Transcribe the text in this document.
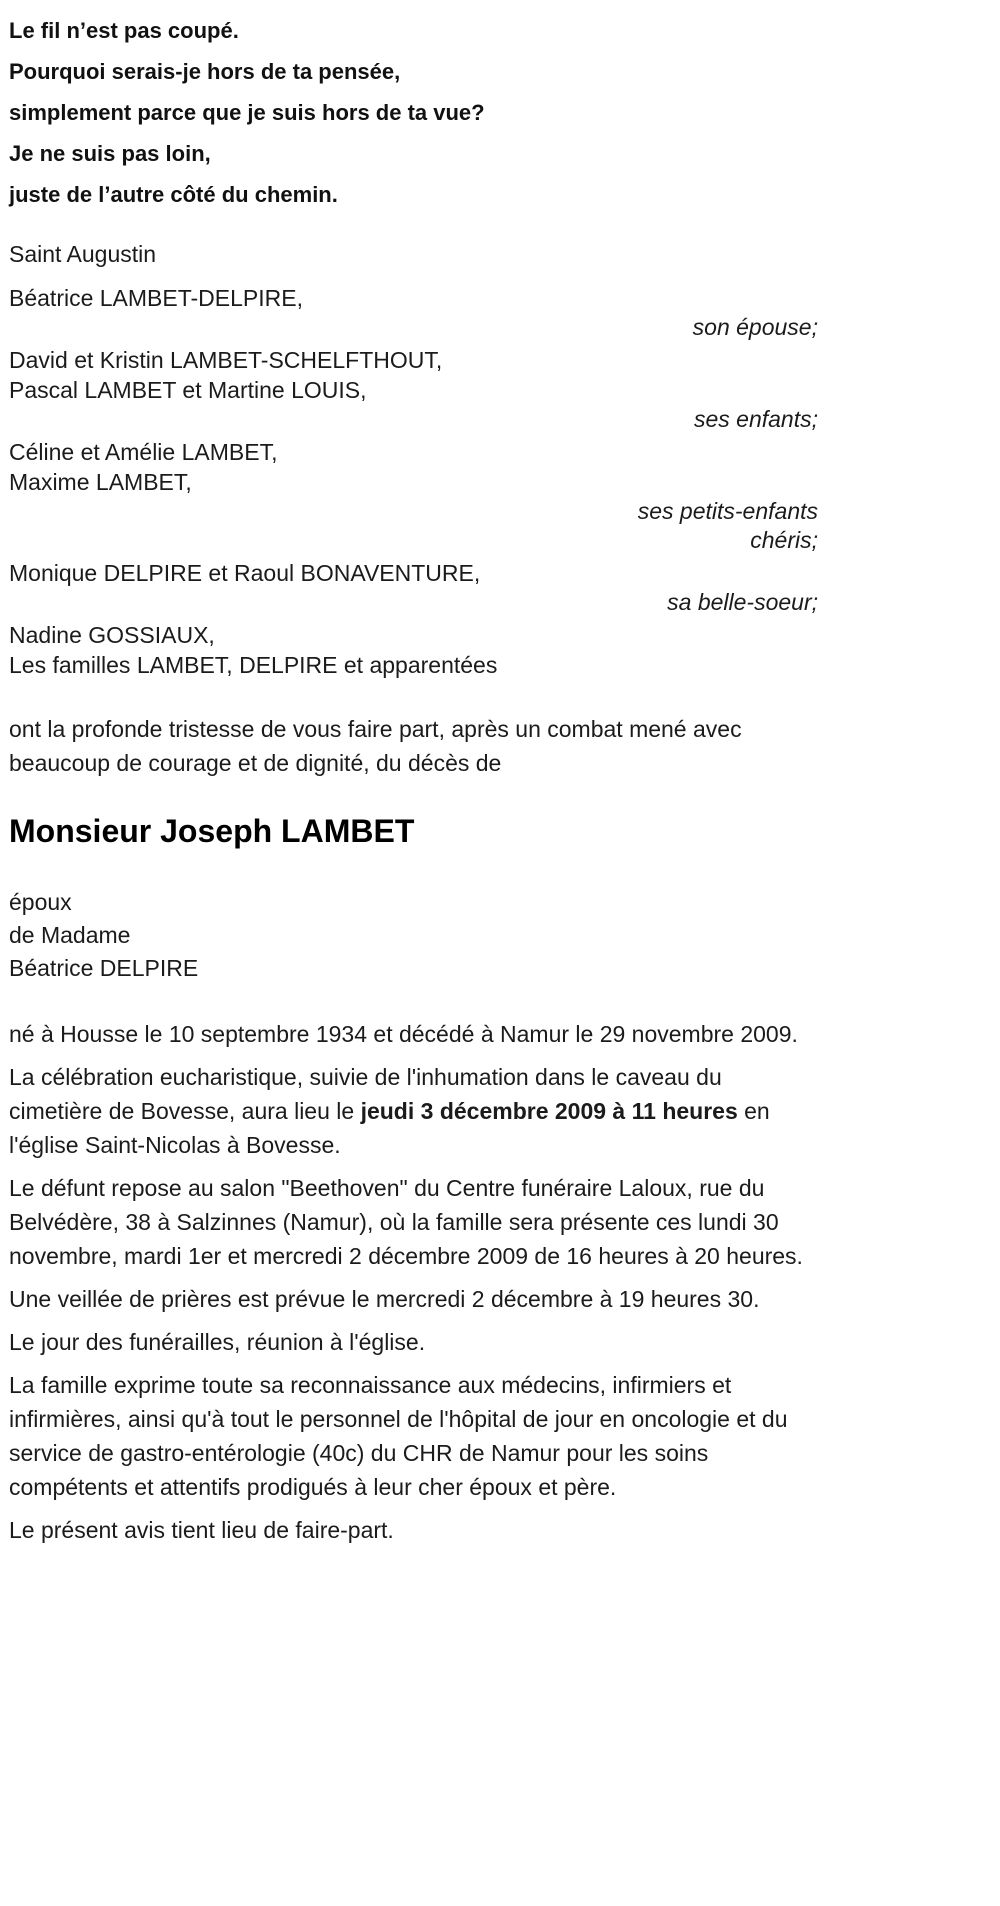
Le fil n’est pas coupé.

Pourquoi serais-je hors de ta pensée,

simplement parce que je suis hors de ta vue?

Je ne suis pas loin,

juste de l’autre côté du chemin.

Saint Augustin

Béatrice LAMBET-DELPIRE,

son épouse;

David et Kristin LAMBET-SCHELFTHOUT,

Pascal LAMBET et Martine LOUIS,

ses enfants;

Céline et Amélie LAMBET,

Maxime LAMBET,

ses petits-enfants chéris;

Monique DELPIRE et Raoul BONAVENTURE,

sa belle-soeur;

Nadine GOSSIAUX,

Les familles LAMBET, DELPIRE et apparentées

ont la profonde tristesse de vous faire part, après un combat mené avec beaucoup de courage et de dignité, du décès de

Monsieur Joseph LAMBET

époux

de Madame

Béatrice DELPIRE

né à Housse le 10 septembre 1934 et décédé à Namur le 29 novembre 2009.

La célébration eucharistique, suivie de l'inhumation dans le caveau du cimetière de Bovesse, aura lieu le jeudi 3 décembre 2009 à 11 heures en l'église Saint-Nicolas à Bovesse.

Le défunt repose au salon "Beethoven" du Centre funéraire Laloux, rue du Belvédère, 38 à Salzinnes (Namur), où la famille sera présente ces lundi 30 novembre, mardi 1er et mercredi 2 décembre 2009 de 16 heures à 20 heures.

Une veillée de prières est prévue le mercredi 2 décembre à 19 heures 30.

Le jour des funérailles, réunion à l'église.

La famille exprime toute sa reconnaissance aux médecins, infirmiers et infirmières, ainsi qu'à tout le personnel de l'hôpital de jour en oncologie et du service de gastro-entérologie (40c) du CHR de Namur pour les soins compétents et attentifs prodigués à leur cher époux et père.

Le présent avis tient lieu de faire-part.
